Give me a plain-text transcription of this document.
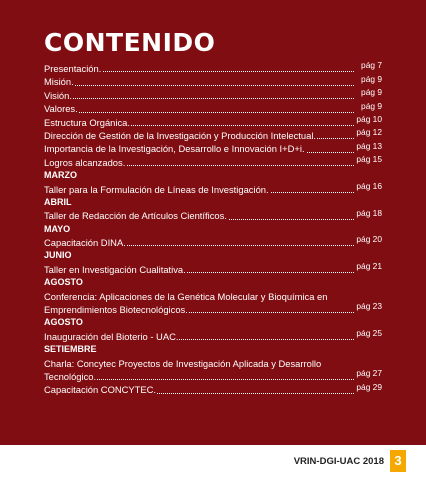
CONTENIDO
Presentación.	pág 7
Misión.	pág 9
Visión.	pág 9
Valores.	pág 9
Estructura Orgánica.	pág 10
Dirección de Gestión de la Investigación y Producción Intelectual.	pág 12
Importancia de la Investigación, Desarrollo e Innovación I+D+i.	pág 13
Logros alcanzados.	pág 15
MARZO
Taller para la Formulación de Líneas de Investigación.	pág 16
ABRIL
Taller de Redacción de Artículos Científicos.	pág 18
MAYO
Capacitación DINA.	pág 20
JUNIO
Taller en Investigación Cualitativa.	pág 21
AGOSTO
Conferencia: Aplicaciones de la Genética Molecular y Bioquímica en
Emprendimientos Biotecnológicos.	pág 23
AGOSTO
Inauguración del Bioterio - UAC.	pág 25
SETIEMBRE
Charla: Concytec Proyectos de Investigación Aplicada y Desarrollo
Tecnológico.	pág 27
Capacitación CONCYTEC.	pág 29
VRIN-DGI-UAC 2018 3
